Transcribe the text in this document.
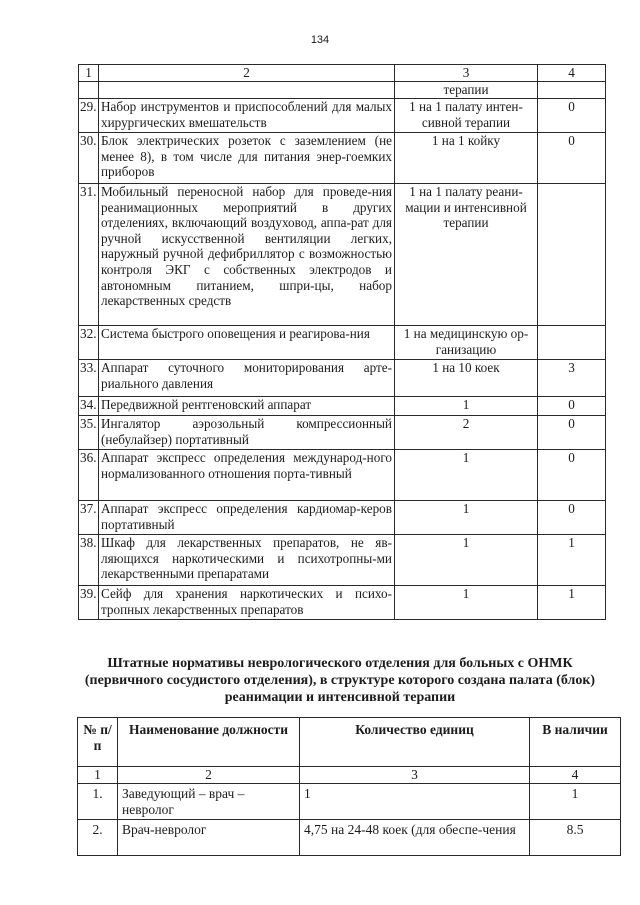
134
1	2	3	4
		терапии	
29.	Набор инструментов и приспособлений для малых хирургических вмешательств	1 на 1 палату интен-сивной терапии	0
30.	Блок электрических розеток с заземлением (не менее 8), в том числе для питания энер-гоемких приборов	1 на 1 койку	0
31.	Мобильный переносной набор для проведе-ния реанимационных мероприятий в других отделениях, включающий воздуховод, аппа-рат для ручной искусственной вентиляции легких, наружный ручной дефибриллятор с возможностью контроля ЭКГ с собственных электродов и автономным питанием, шпри-цы, набор лекарственных средств	1 на 1 палату реани-мации и интенсивной терапии	
32.	Система быстрого оповещения и реагирова-ния	1 на медицинскую ор-ганизацию	
33.	Аппарат суточного мониторирования арте-риального давления	1 на 10 коек	3
34.	Передвижной рентгеновский аппарат	1	0
35.	Ингалятор аэрозольный компрессионный (небулайзер) портативный	2	0
36.	Аппарат экспресс определения международ-ного нормализованного отношения порта-тивный	1	0
37.	Аппарат экспресс определения кардиомар-керов портативный	1	0
38.	Шкаф для лекарственных препаратов, не яв-ляющихся наркотическими и психотропны-ми лекарственными препаратами	1	1
39.	Сейф для хранения наркотических и психо-тропных лекарственных препаратов	1	1
Штатные нормативы неврологического отделения для больных с ОНМК (первичного сосудистого отделения), в структуре которого создана палата (блок) реанимации и интенсивной терапии
№ п/п	Наименование должности	Количество единиц	В наличии
1	2	3	4
1.	Заведующий – врач – невролог	1	1
2.	Врач-невролог	4,75 на 24-48 коек (для обеспе-чения	8.5
